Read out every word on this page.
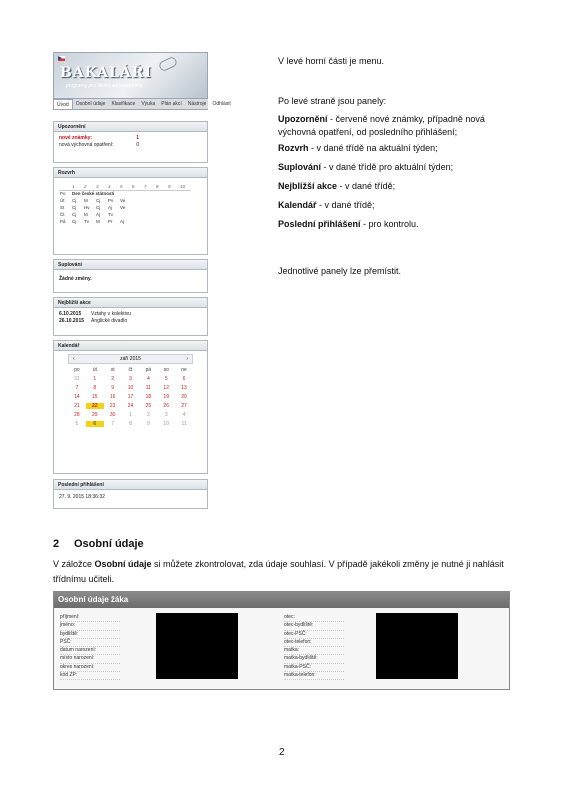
BAKALÁŘI
programy pro školní administrativu
Úvod	Osobní údaje	Klasifikace	Výuka	Plán akcí	Nástroje	Odhlásit
Upozornění
nové známky:	1
nová výchovná opatření:	0
Rozvrh
	1	2	3	4	5	6	7	8	9	10
Po	Den české státnosti									
Út	Cj	M	Cj	Pv	Ve					
St	Cj	Hv	Cj	Aj	Ve					
Čt	Cj	M	Aj	Tv						
Pá	Cj	Tv	M	Pr	Aj					
Suplování
Žádné změny.
Nejbližší akce
6.10.2015	Vztahy v kolektivu
26.10.2015	Anglické divadlo
Kalendář
‹	září 2015	›
po	út	st	čt	pá	so	ne
31	1	2	3	4	5	6
7	8	9	10	11	12	13
14	15	16	17	18	19	20
21	22	23	24	25	26	27
28	29	30	1	2	3	4
5	6	7	8	9	10	11
Poslední přihlášení
27. 9. 2015 18:36:32
V levé horní části je menu.
Po levé straně jsou panely:
Upozornění - červeně nové známky, případně nová výchovná opatření, od posledního přihlášení;
Rozvrh - v dané třídě na aktuální týden;
Suplování - v dané třídě pro aktuální týden;
Nejbližší akce - v dané třídě;
Kalendář - v dané třídě;
Poslední přihlášení - pro kontrolu.
Jednotlivé panely lze přemístit.
2 Osobní údaje
V záložce Osobní údaje si můžete zkontrolovat, zda údaje souhlasí. V případě jakékoli změny je nutné ji nahlásit třídnímu učiteli.
Osobní údaje žáka
příjmení:
jméno:
bydliště:
PSČ:
datum narození:
místo narození:
okres narození:
kód ZP:
otec:
otec-bydliště:
otec-PSČ:
otec-telefon:
matka:
matka-bydliště:
matka-PSČ:
matka-telefon:
2
